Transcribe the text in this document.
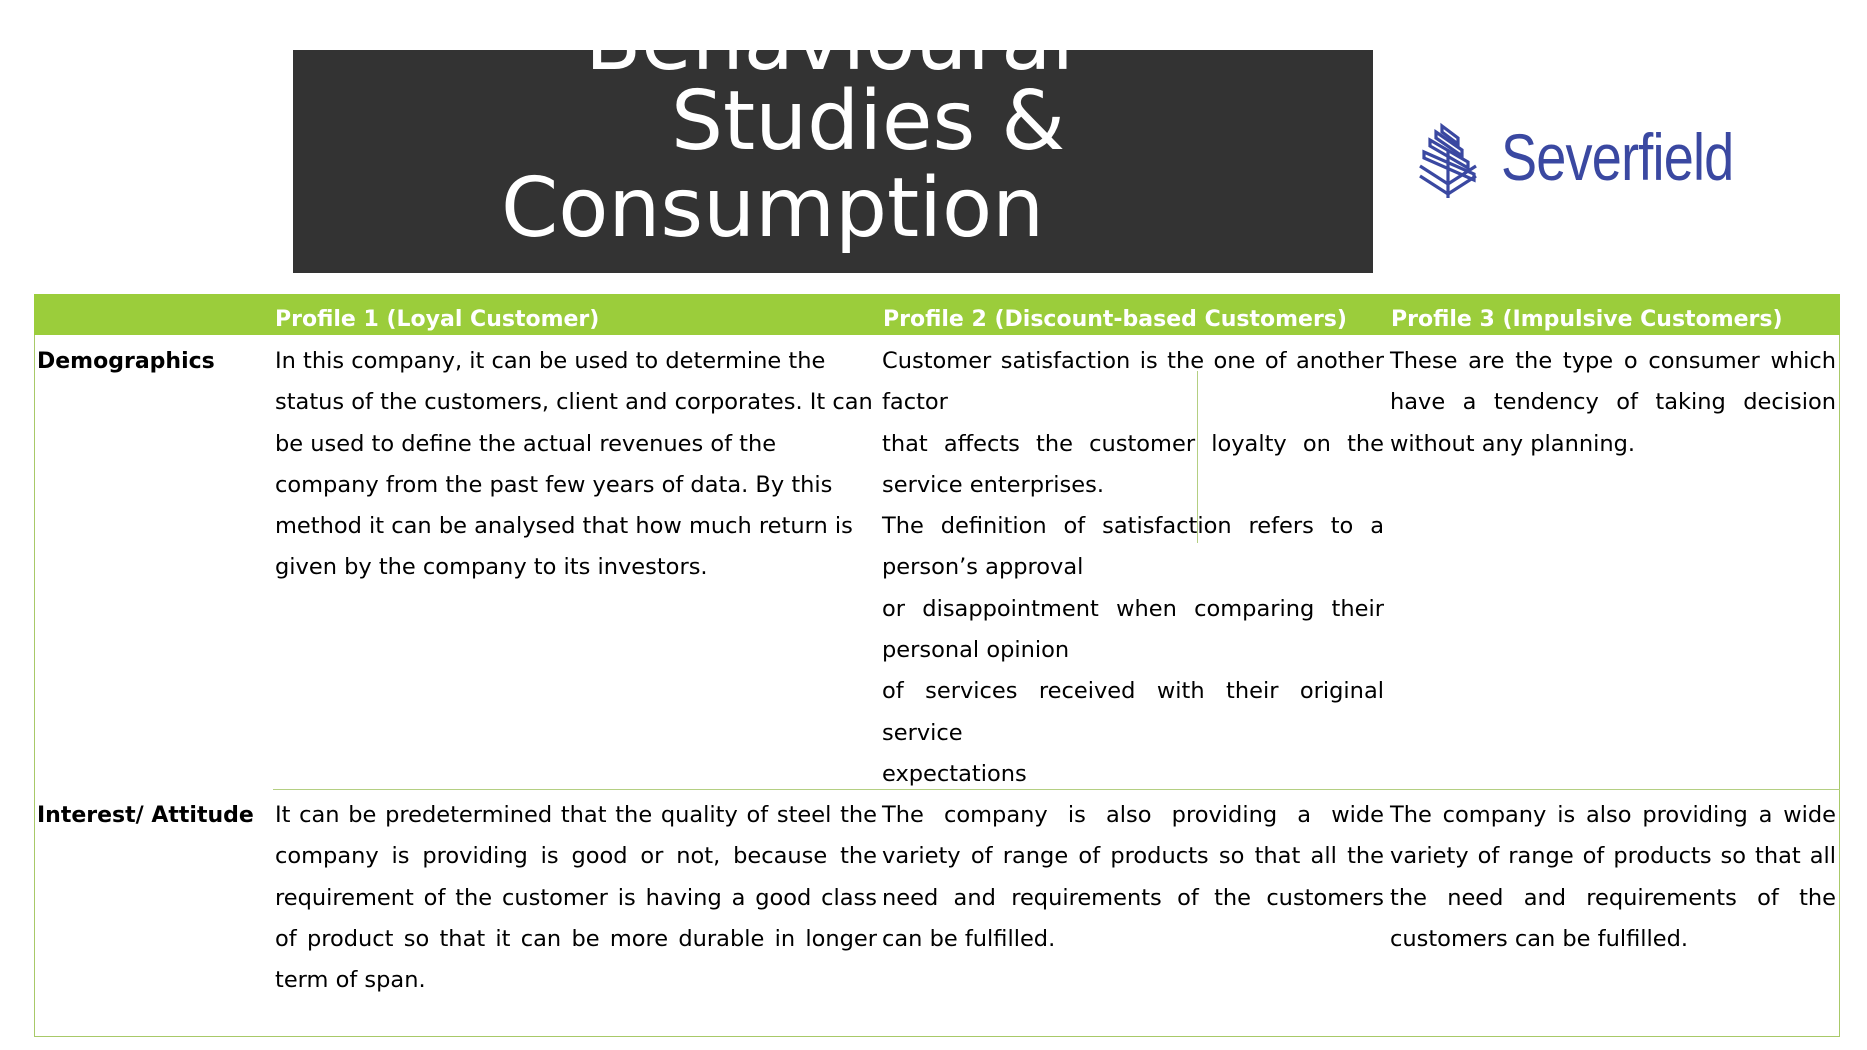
Behavioural
Studies &
Consumption
Severfield
Profile 1 (Loyal Customer)	Profile 2 (Discount-based Customers) Profile 3 (Impulsive Customers)
Demographics	In this company, it can be used to determine the status of the customers, client and corporates. It can be used to define the actual revenues of the company from the past few years of data. By this method it can be analysed that how much return is given by the company to its investors.

Customer satisfaction is the one of another factor

that affects the customer loyalty on the service enterprises.

The definition of satisfaction refers to a person’s approval

or disappointment when comparing their personal opinion

of services received with their original service

expectations

These are the type o consumer which have a tendency of taking decision without any planning.
Interest/ Attitude It can be predetermined that the quality of steel the company is providing is good or not, because the requirement of the customer is having a good class of product so that it can be more durable in longer term of span.
The company is also providing a wide variety of range of products so that all the need and requirements of the customers can be fulfilled.
The company is also providing a wide variety of range of products so that all the need and requirements of the customers can be fulfilled.
